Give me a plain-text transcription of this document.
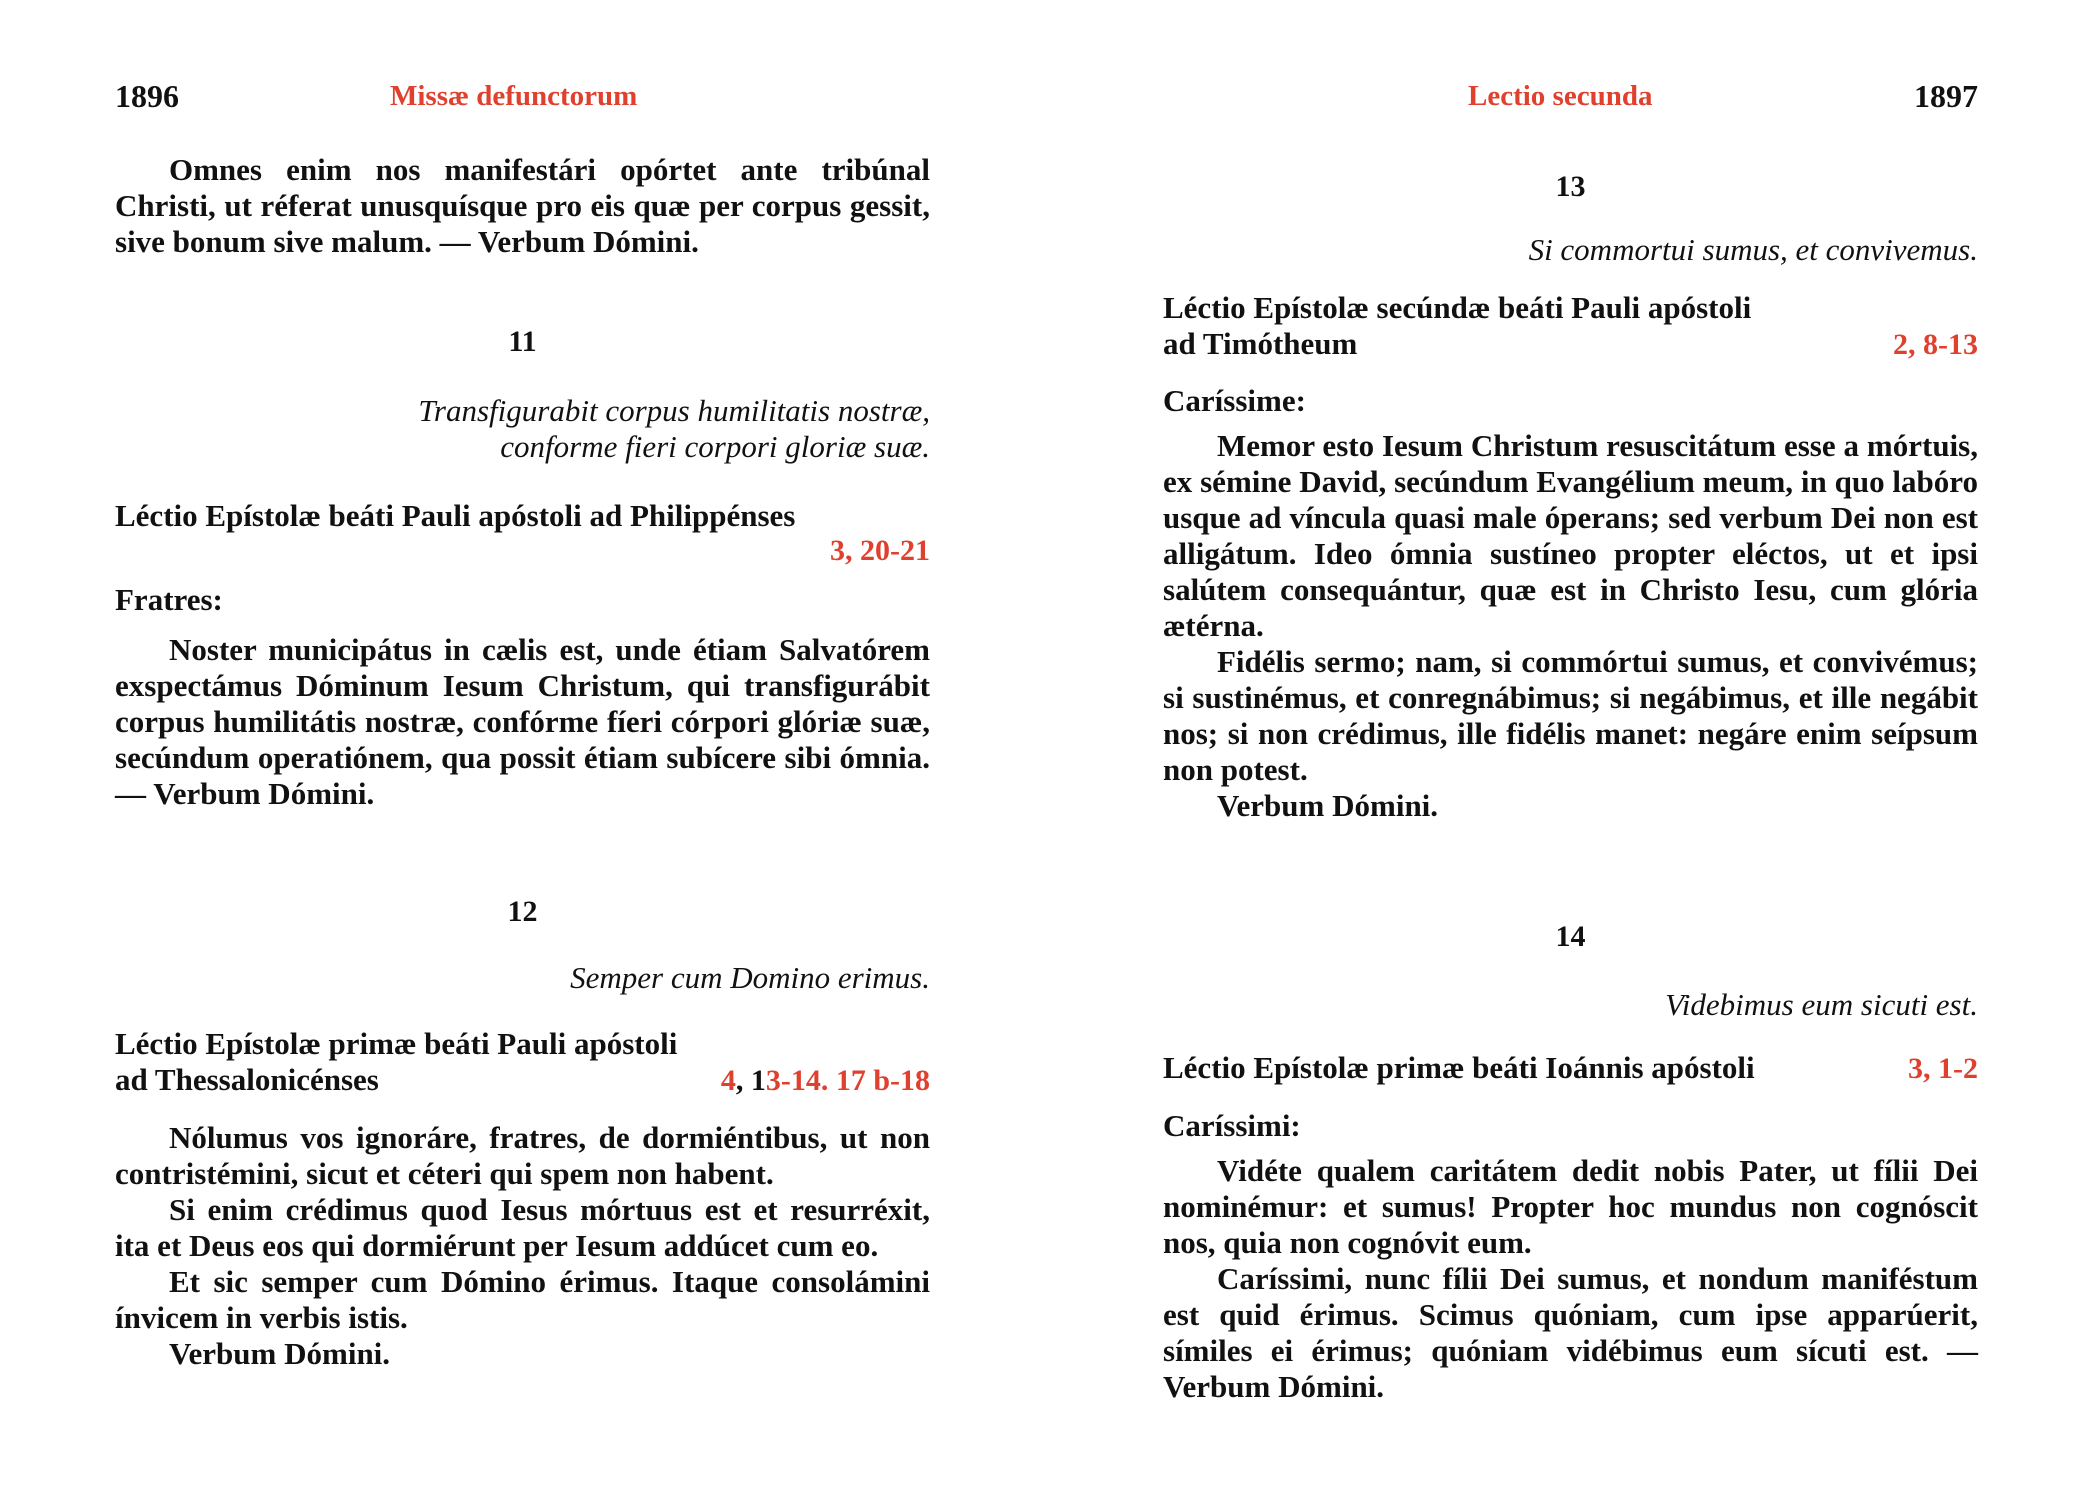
1896	Missæ defunctorum

Omnes enim nos manifestári opórtet ante tribúnal Christi, ut réferat unusquísque pro eis quæ per corpus gessit, sive bonum sive malum. — Verbum Dómini.

11
Transfigurabit corpus humilitatis nostræ,
conforme fieri corpori gloriæ suæ.
Léctio Epístolæ beáti Pauli apóstoli ad Philippénses
3, 20-21
Fratres:

Noster municipátus in cælis est, unde étiam Salvatórem exspectámus Dóminum Iesum Christum, qui transfigurábit corpus humilitátis nostræ, confórme fíeri córpori glóriæ suæ, secúndum operatiónem, qua possit étiam subícere sibi ómnia. — Verbum Dómini.

12
Semper cum Domino erimus.
Léctio Epístolæ primæ beáti Pauli apóstoli
ad Thessalonicénses	4, 13-14. 17 b-18

Nólumus vos ignoráre, fratres, de dormiéntibus, ut non contristémini, sicut et céteri qui spem non habent.

Si enim crédimus quod Iesus mórtuus est et resurréxit, ita et Deus eos qui dormiérunt per Iesum addúcet cum eo.

Et sic semper cum Dómino érimus. Itaque consolámini ínvicem in verbis istis.

Verbum Dómini.

Lectio secunda	1897
13
Si commortui sumus, et convivemus.
Léctio Epístolæ secúndæ beáti Pauli apóstoli
ad Timótheum	2, 8-13
Caríssime:

Memor esto Iesum Christum resuscitátum esse a mórtuis, ex sémine David, secúndum Evangélium meum, in quo labóro usque ad víncula quasi male óperans; sed verbum Dei non est alligátum. Ideo ómnia sustíneo propter eléctos, ut et ipsi salútem consequántur, quæ est in Christo Iesu, cum glória ætérna.

Fidélis sermo; nam, si commórtui sumus, et convivémus; si sustinémus, et conregnábimus; si negábimus, et ille negábit nos; si non crédimus, ille fidélis manet: negáre enim seípsum non potest.

Verbum Dómini.

14
Videbimus eum sicuti est.
Léctio Epístolæ primæ beáti Ioánnis apóstoli	3, 1-2
Caríssimi:

Vidéte qualem caritátem dedit nobis Pater, ut fílii Dei nominémur: et sumus! Propter hoc mundus non cognóscit nos, quia non cognóvit eum.

Caríssimi, nunc fílii Dei sumus, et nondum maniféstum est quid érimus. Scimus quóniam, cum ipse apparúerit, símiles ei érimus; quóniam vidébimus eum sícuti est. — Verbum Dómini.
